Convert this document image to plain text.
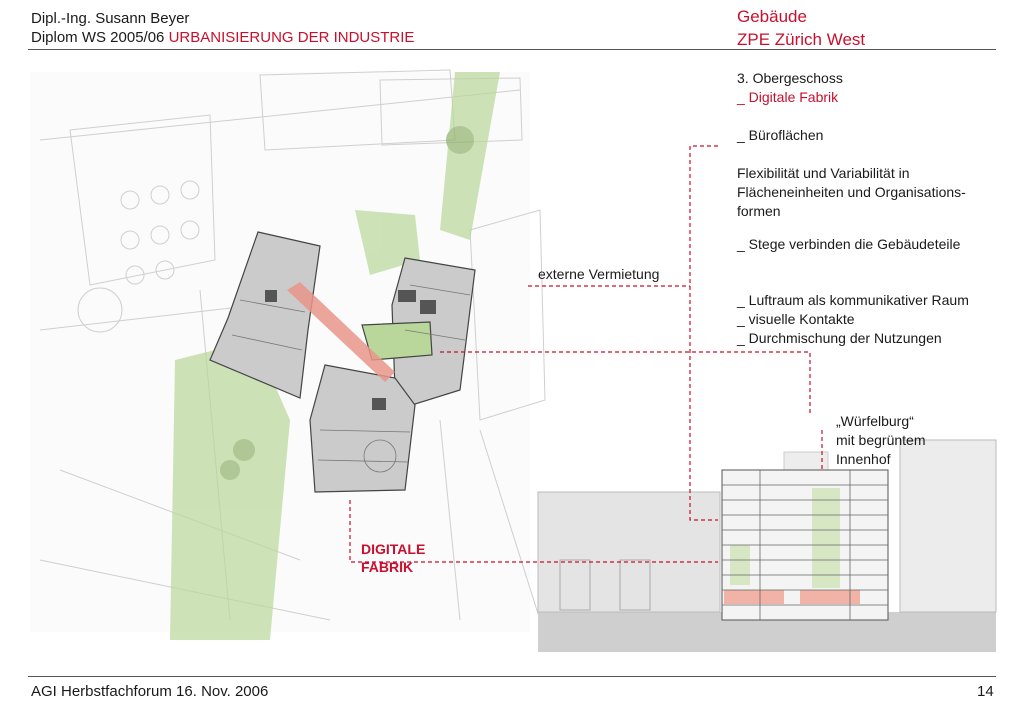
Dipl.-Ing. Susann Beyer
Diplom WS 2005/06 URBANISIERUNG DER INDUSTRIE
Gebäude
ZPE Zürich West
3. Obergeschoss
_ Digitale Fabrik
_ Büroflächen
Flexibilität und Variabilität in
Flächeneinheiten und Organisations-
formen
_ Stege verbinden die Gebäudeteile
_ Luftraum als kommunikativer Raum
_ visuelle Kontakte
_ Durchmischung der Nutzungen
externe Vermietung
DIGITALE
FABRIK
„Würfelburg“
mit begrüntem
Innenhof
AGI Herbstfachforum 16. Nov. 2006	14
